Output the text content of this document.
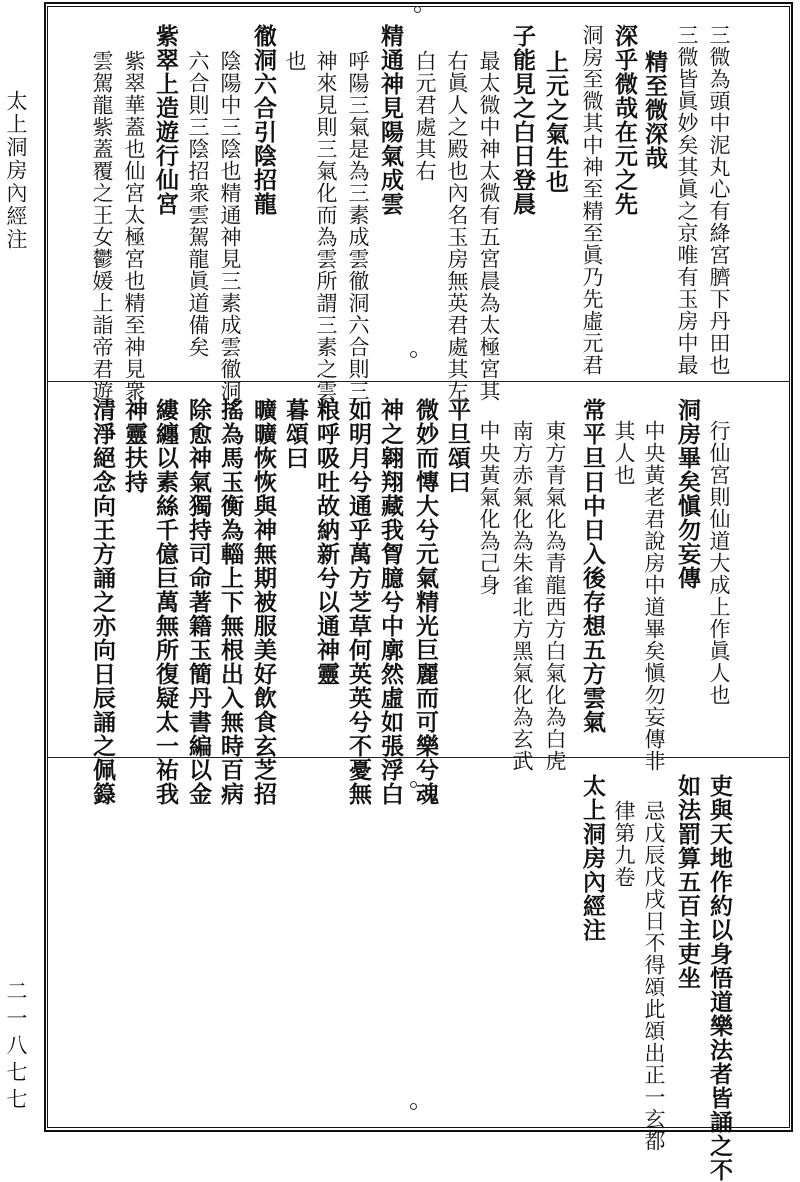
太上洞房內經注
二一八七七
三微為頭中泥丸心有絳宮臍下丹田也
三微皆眞妙矣其眞之京唯有玉房中最
精至微深哉
深乎微哉在元之先
洞房至微其中神至精至眞乃先虛元君
上元之氣生也
子能見之白日登晨
最太微中神太微有五宮晨為太極宮其
右眞人之殿也內名玉房無英君處其左
白元君處其右
精通神見陽氣成雲
呼陽三氣是為三素成雲徹洞六合則三
神來見則三氣化而為雲所謂三素之雲
也
徹洞六合引陰招龍
陰陽中三陰也精通神見三素成雲徹洞
六合則三陰招衆雲駕龍眞道備矣
紫翠上造遊行仙宮
紫翠華蓋也仙宮太極宮也精至神見衆
雲駕龍紫蓋覆之王女鬱媛上詣帝君遊
行仙宮則仙道大成上作眞人也
洞房畢矣愼勿妄傳
中央黃老君說房中道畢矣愼勿妄傳非
其人也
常平旦日中日入後存想五方雲氣
東方青氣化為青龍西方白氣化為白虎
南方赤氣化為朱雀北方黑氣化為玄武
中央黃氣化為己身
平旦頌曰
微妙而慱大兮元氣精光巨麗而可樂兮魂
神之翱翔藏我胷臆兮中廓然虛如張浮白
如明月兮通乎萬方芝草何英英兮不憂無
粮呼吸吐故納新兮以通神靈
暮頌曰
曠曠恢恢與神無期被服美好飲食玄芝招
搖為馬玉衡為輜上下無根出入無時百病
除愈神氣獨持司命著籍玉簡丹書編以金
縷纏以素絲千億巨萬無所復疑太一祐我
神靈扶持
清淨絕念向王方誦之亦向日辰誦之佩籙
吏與天地作約以身悟道樂法者皆誦之不
如法罰算五百主吏坐
忌戊辰戊戌日不得頌此頌出正一玄都
律第九卷
太上洞房內經注
